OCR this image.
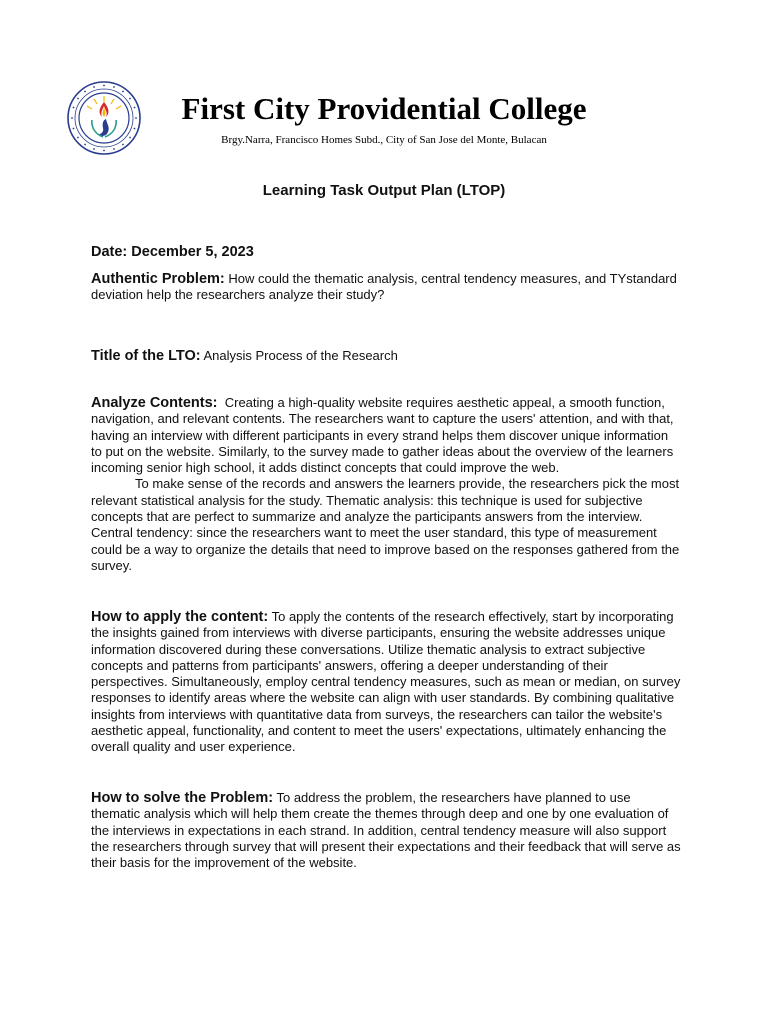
First City Providential College
Brgy.Narra, Francisco Homes Subd., City of San Jose del Monte, Bulacan
Learning Task Output Plan (LTOP)
Date: December 5, 2023

Authentic Problem: How could the thematic analysis, central tendency measures, and TYstandard deviation help the researchers analyze their study?

Title of the LTO: Analysis Process of the Research

Analyze Contents: Creating a high-quality website requires aesthetic appeal, a smooth function, navigation, and relevant contents. The researchers want to capture the users' attention, and with that, having an interview with different participants in every strand helps them discover unique information to put on the website. Similarly, to the survey made to gather ideas about the overview of the learners incoming senior high school, it adds distinct concepts that could improve the web.

To make sense of the records and answers the learners provide, the researchers pick the most relevant statistical analysis for the study. Thematic analysis: this technique is used for subjective concepts that are perfect to summarize and analyze the participants answers from the interview. Central tendency: since the researchers want to meet the user standard, this type of measurement could be a way to organize the details that need to improve based on the responses gathered from the survey.

How to apply the content: To apply the contents of the research effectively, start by incorporating the insights gained from interviews with diverse participants, ensuring the website addresses unique information discovered during these conversations. Utilize thematic analysis to extract subjective concepts and patterns from participants' answers, offering a deeper understanding of their perspectives. Simultaneously, employ central tendency measures, such as mean or median, on survey responses to identify areas where the website can align with user standards. By combining qualitative insights from interviews with quantitative data from surveys, the researchers can tailor the website's aesthetic appeal, functionality, and content to meet the users' expectations, ultimately enhancing the overall quality and user experience.

How to solve the Problem: To address the problem, the researchers have planned to use thematic analysis which will help them create the themes through deep and one by one evaluation of the interviews in expectations in each strand. In addition, central tendency measure will also support the researchers through survey that will present their expectations and their feedback that will serve as their basis for the improvement of the website.
